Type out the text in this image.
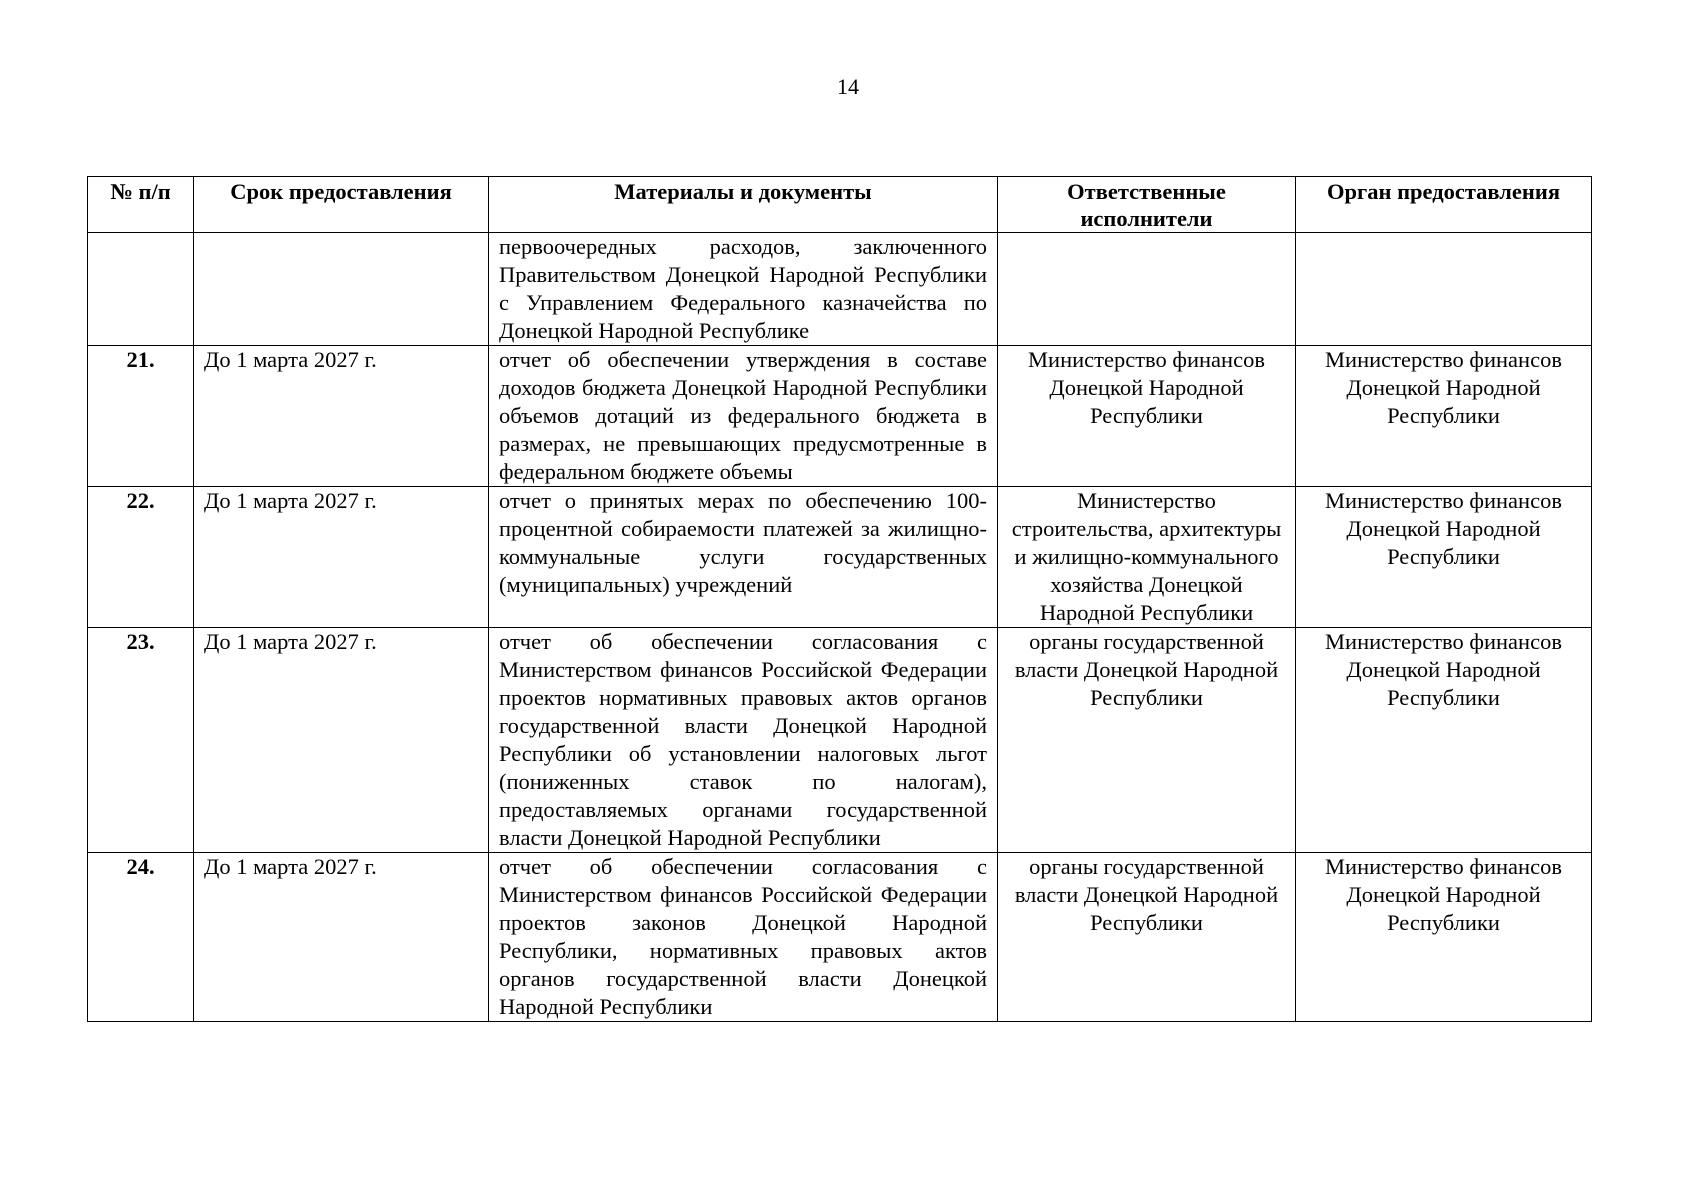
14
№ п/п	Срок предоставления	Материалы и документы	Ответственные исполнители	Орган предоставления
		первоочередных расходов, заключенного Правительством Донецкой Народной Республики с Управлением Федерального казначейства по Донецкой Народной Республике		
21.	До 1 марта 2027 г.	отчет об обеспечении утверждения в составе доходов бюджета Донецкой Народной Республики объемов дотаций из федерального бюджета в размерах, не превышающих предусмотренные в федеральном бюджете объемы	Министерство финансов Донецкой Народной Республики	Министерство финансов Донецкой Народной Республики
22.	До 1 марта 2027 г.	отчет о принятых мерах по обеспечению 100-процентной собираемости платежей за жилищно-коммунальные услуги государственных (муниципальных) учреждений	Министерство строительства, архитектуры и жилищно-коммунального хозяйства Донецкой Народной Республики	Министерство финансов Донецкой Народной Республики
23.	До 1 марта 2027 г.	отчет об обеспечении согласования с Министерством финансов Российской Федерации проектов нормативных правовых актов органов государственной власти Донецкой Народной Республики об установлении налоговых льгот (пониженных ставок по налогам), предоставляемых органами государственной власти Донецкой Народной Республики	органы государственной власти Донецкой Народной Республики	Министерство финансов Донецкой Народной Республики
24.	До 1 марта 2027 г.	отчет об обеспечении согласования с Министерством финансов Российской Федерации проектов законов Донецкой Народной Республики, нормативных правовых актов органов государственной власти Донецкой Народной Республики	органы государственной власти Донецкой Народной Республики	Министерство финансов Донецкой Народной Республики
